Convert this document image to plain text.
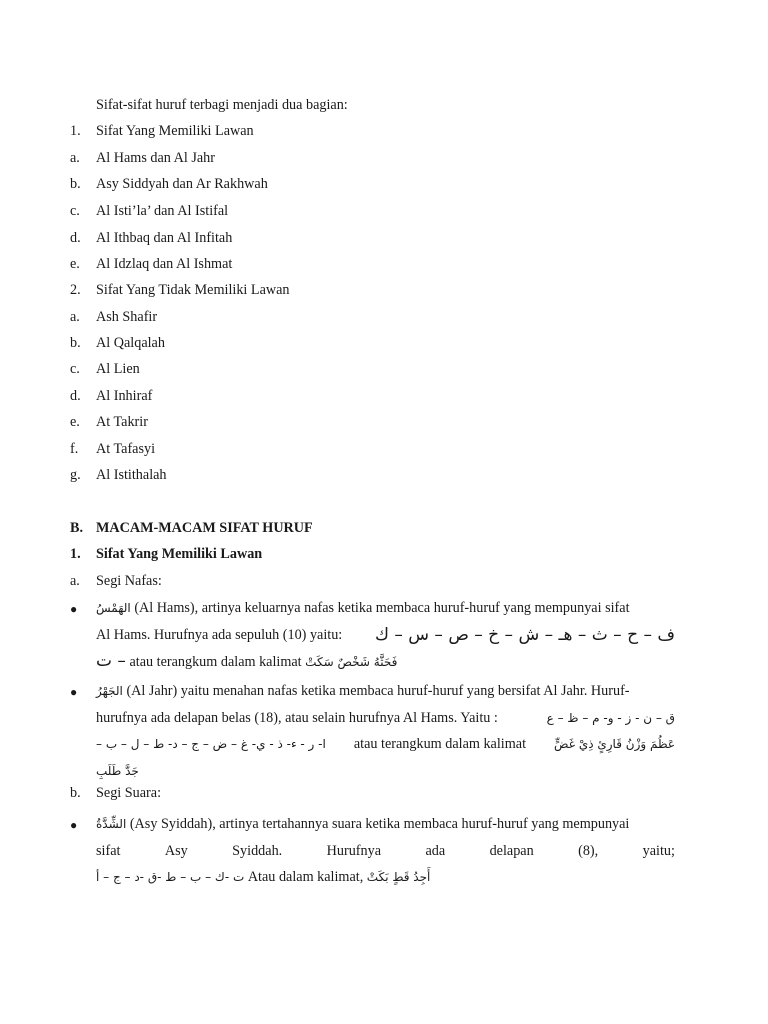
Sifat-sifat huruf terbagi menjadi dua bagian:
1. Sifat Yang Memiliki Lawan
a. Al Hams dan Al Jahr
b. Asy Siddyah dan Ar Rakhwah
c. Al Isti’la’ dan Al Istifal
d. Al Ithbaq dan Al Infitah
e. Al Idzlaq dan Al Ishmat
2. Sifat Yang Tidak Memiliki Lawan
a. Ash Shafir
b. Al Qalqalah
c. Al Lien
d. Al Inhiraf
e. At Takrir
f. At Tafasyi
g. Al Istithalah
B. MACAM-MACAM SIFAT HURUF
1. Sifat Yang Memiliki Lawan
a. Segi Nafas:
● الهَمْسُ (Al Hams), artinya keluarnya nafas ketika membaca huruf-huruf yang mempunyai sifat
Al Hams. Hurufnya ada sepuluh (10) yaitu: ف – ح – ث – هـ – ش – خ – ص – س – ك
– ت atau terangkum dalam kalimat فَحَثَّهُ شَخْصٌ سَكَتْ
● الجَهْرُ (Al Jahr) yaitu menahan nafas ketika membaca huruf-huruf yang bersifat Al Jahr. Huruf-
hurufnya ada delapan belas (18), atau selain hurufnya Al Hams. Yaitu :	ق – ن - ز - و- م – ظ – ع
ا- ر - ء- ذ - ي- غ – ض – ج – د- ط – ل – ب – atau terangkum dalam kalimat عَظُمَ وَزْنُ قَارِئٍ ذِيْ غَضٍّ
جَدَّ طَلَبِ
b. Segi Suara:
● الشِّدَّةُ (Asy Syiddah), artinya tertahannya suara ketika membaca huruf-huruf yang mempunyai
sifat	Asy	Syiddah.	Hurufnya	ada	delapan	(8),	yaitu;
ت -ك – ب – ط -ق -د – ج – أ Atau dalam kalimat, أَجِدُ قَطٍ بَكَتْ
